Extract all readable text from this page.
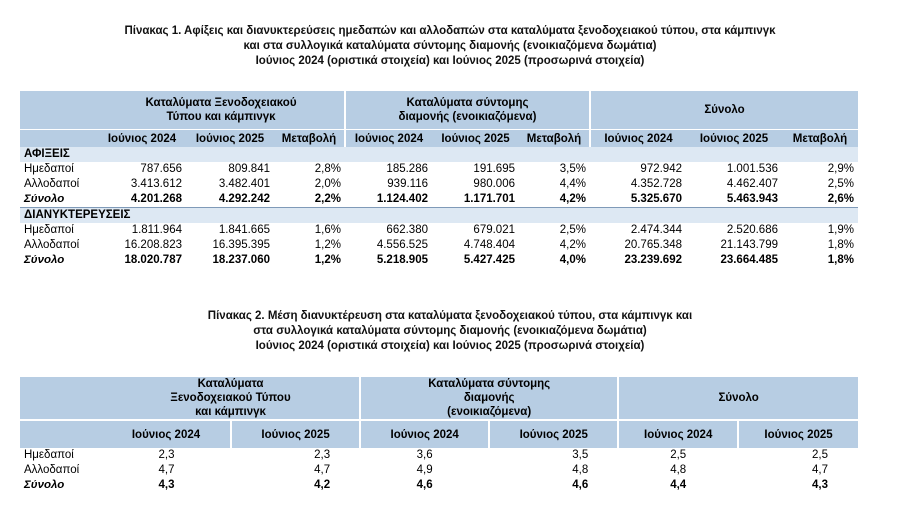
Πίνακας 1. Αφίξεις και διανυκτερεύσεις ημεδαπών και αλλοδαπών στα καταλύματα ξενοδοχειακού τύπου, στα κάμπινγκ
και στα συλλογικά καταλύματα σύντομης διαμονής (ενοικιαζόμενα δωμάτια)
Ιούνιος 2024 (οριστικά στοιχεία) και Ιούνιος 2025 (προσωρινά στοιχεία)
	Καταλύματα Ξενοδοχειακού Τύπου και κάμπινγκ			Καταλύματα σύντομης διαμονής (ενοικιαζόμενα)			Σύνολο		
	Ιούνιος 2024	Ιούνιος 2025	Μεταβολή	Ιούνιος 2024	Ιούνιος 2025	Μεταβολή	Ιούνιος 2024	Ιούνιος 2025	Μεταβολή
ΑΦΙΞΕΙΣ									
Ημεδαποί	787.656	809.841	2,8%	185.286	191.695	3,5%	972.942	1.001.536	2,9%
Αλλοδαποί	3.413.612	3.482.401	2,0%	939.116	980.006	4,4%	4.352.728	4.462.407	2,5%
Σύνολο	4.201.268	4.292.242	2,2%	1.124.402	1.171.701	4,2%	5.325.670	5.463.943	2,6%
ΔΙΑΝΥΚΤΕΡΕΥΣΕΙΣ									
Ημεδαποί	1.811.964	1.841.665	1,6%	662.380	679.021	2,5%	2.474.344	2.520.686	1,9%
Αλλοδαποί	16.208.823	16.395.395	1,2%	4.556.525	4.748.404	4,2%	20.765.348	21.143.799	1,8%
Σύνολο	18.020.787	18.237.060	1,2%	5.218.905	5.427.425	4,0%	23.239.692	23.664.485	1,8%
Πίνακας 2. Μέση διανυκτέρευση στα καταλύματα ξενοδοχειακού τύπου, στα κάμπινγκ και
στα συλλογικά καταλύματα σύντομης διαμονής (ενοικιαζόμενα δωμάτια)
Ιούνιος 2024 (οριστικά στοιχεία) και Ιούνιος 2025 (προσωρινά στοιχεία)
	Καταλύματα Ξενοδοχειακού Τύπου και κάμπινγκ		Καταλύματα σύντομης διαμονής (ενοικιαζόμενα)		Σύνολο	
	Ιούνιος 2024	Ιούνιος 2025	Ιούνιος 2024	Ιούνιος 2025	Ιούνιος 2024	Ιούνιος 2025
Ημεδαποί	2,3	2,3	3,6	3,5	2,5	2,5
Αλλοδαποί	4,7	4,7	4,9	4,8	4,8	4,7
Σύνολο	4,3	4,2	4,6	4,6	4,4	4,3
